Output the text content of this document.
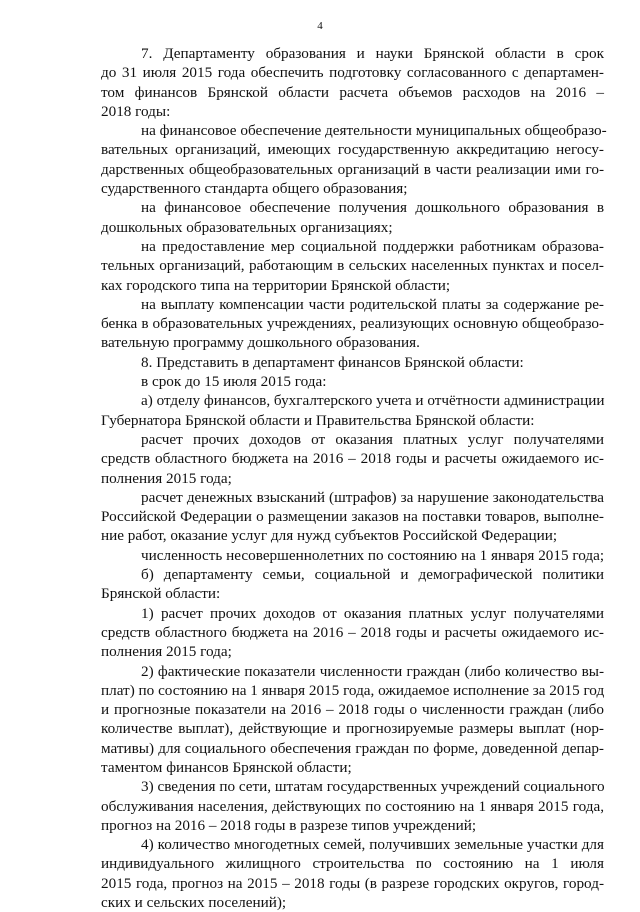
4
7. Департаменту образования и науки Брянской области в срок
до 31 июля 2015 года обеспечить подготовку согласованного с департамен-
том финансов Брянской области расчета объемов расходов на 2016 –
2018 годы:
на финансовое обеспечение деятельности муниципальных общеобразо-
вательных организаций, имеющих государственную аккредитацию негосу-
дарственных общеобразовательных организаций в части реализации ими го-
сударственного стандарта общего образования;
на финансовое обеспечение получения дошкольного образования в
дошкольных образовательных организациях;
на предоставление мер социальной поддержки работникам образова-
тельных организаций, работающим в сельских населенных пунктах и посел-
ках городского типа на территории Брянской области;
на выплату компенсации части родительской платы за содержание ре-
бенка в образовательных учреждениях, реализующих основную общеобразо-
вательную программу дошкольного образования.
8. Представить в департамент финансов Брянской области:
в срок до 15 июля 2015 года:
а) отделу финансов, бухгалтерского учета и отчётности администрации
Губернатора Брянской области и Правительства Брянской области:
расчет прочих доходов от оказания платных услуг получателями
средств областного бюджета на 2016 – 2018 годы и расчеты ожидаемого ис-
полнения 2015 года;
расчет денежных взысканий (штрафов) за нарушение законодательства
Российской Федерации о размещении заказов на поставки товаров, выполне-
ние работ, оказание услуг для нужд субъектов Российской Федерации;
численность несовершеннолетних по состоянию на 1 января 2015 года;
б) департаменту семьи, социальной и демографической политики
Брянской области:
1) расчет прочих доходов от оказания платных услуг получателями
средств областного бюджета на 2016 – 2018 годы и расчеты ожидаемого ис-
полнения 2015 года;
2) фактические показатели численности граждан (либо количество вы-
плат) по состоянию на 1 января 2015 года, ожидаемое исполнение за 2015 год
и прогнозные показатели на 2016 – 2018 годы о численности граждан (либо
количестве выплат), действующие и прогнозируемые размеры выплат (нор-
мативы) для социального обеспечения граждан по форме, доведенной депар-
таментом финансов Брянской области;
3) сведения по сети, штатам государственных учреждений социального
обслуживания населения, действующих по состоянию на 1 января 2015 года,
прогноз на 2016 – 2018 годы в разрезе типов учреждений;
4) количество многодетных семей, получивших земельные участки для
индивидуального жилищного строительства по состоянию на 1 июля
2015 года, прогноз на 2015 – 2018 годы (в разрезе городских округов, город-
ских и сельских поселений);
